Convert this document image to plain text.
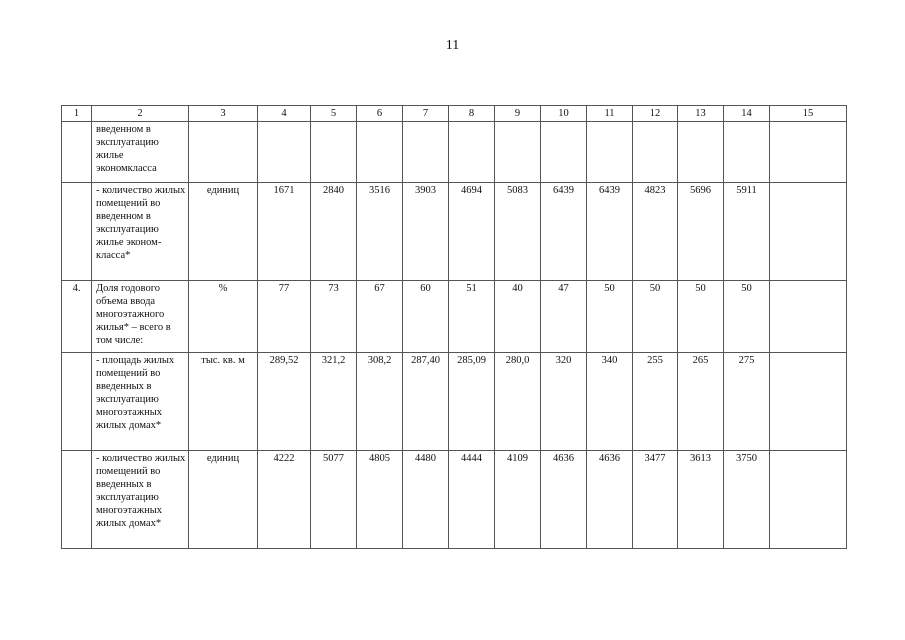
11
1	2	3	4	5	6	7	8	9	10	11	12	13	14	15
	введенном в эксплуатацию жилье экономкласса													
	- количество жилых помещений во введенном в эксплуатацию жилье эконом-класса*	единиц	1671	2840	3516	3903	4694	5083	6439	6439	4823	5696	5911	
4.	Доля годового объема ввода многоэтажного жилья* – всего в том числе:	%	77	73	67	60	51	40	47	50	50	50	50	
	- площадь жилых помещений во введенных в эксплуатацию многоэтажных жилых домах*	тыс. кв. м	289,52	321,2	308,2	287,40	285,09	280,0	320	340	255	265	275	
	- количество жилых помещений во введенных в эксплуатацию многоэтажных жилых домах*	единиц	4222	5077	4805	4480	4444	4109	4636	4636	3477	3613	3750	
